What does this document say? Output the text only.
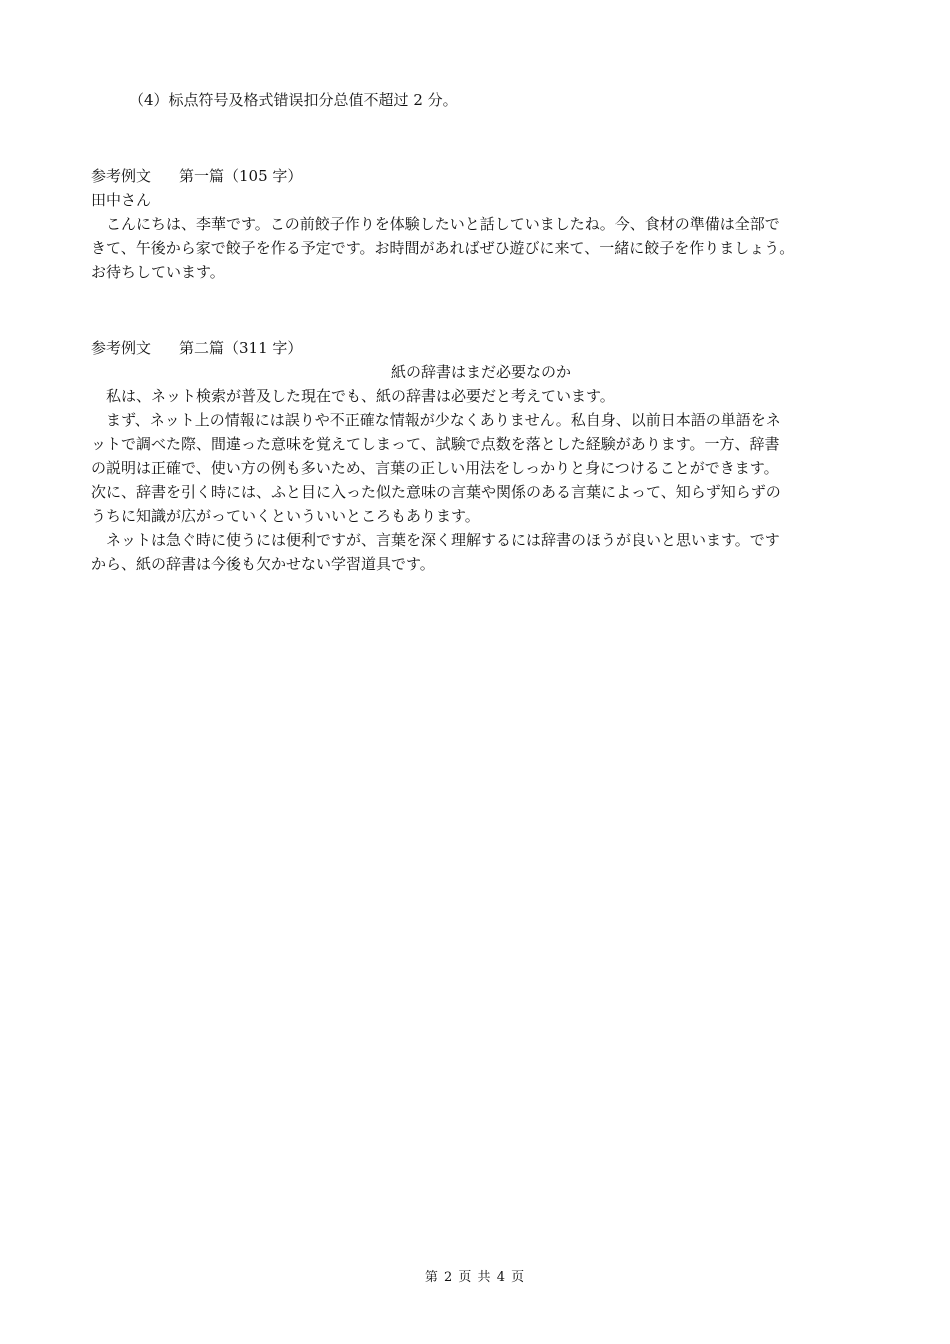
（4）标点符号及格式错误扣分总值不超过 2 分。

参考例文 第一篇（105 字）

田中さん

こんにちは、李華です。この前餃子作りを体験したいと話していましたね。今、食材の準備は全部で

きて、午後から家で餃子を作る予定です。お時間があればぜひ遊びに来て、一緒に餃子を作りましょう。

お待ちしています。

参考例文 第二篇（311 字）

紙の辞書はまだ必要なのか

私は、ネット検索が普及した現在でも、紙の辞書は必要だと考えています。

まず、ネット上の情報には誤りや不正確な情報が少なくありません。私自身、以前日本語の単語をネ

ットで調べた際、間違った意味を覚えてしまって、試験で点数を落とした経験があります。一方、辞書

の説明は正確で、使い方の例も多いため、言葉の正しい用法をしっかりと身につけることができます。

次に、辞書を引く時には、ふと目に入った似た意味の言葉や関係のある言葉によって、知らず知らずの

うちに知識が広がっていくといういいところもあります。

ネットは急ぐ時に使うには便利ですが、言葉を深く理解するには辞書のほうが良いと思います。です

から、紙の辞書は今後も欠かせない学習道具です。

第 2 页 共 4 页
